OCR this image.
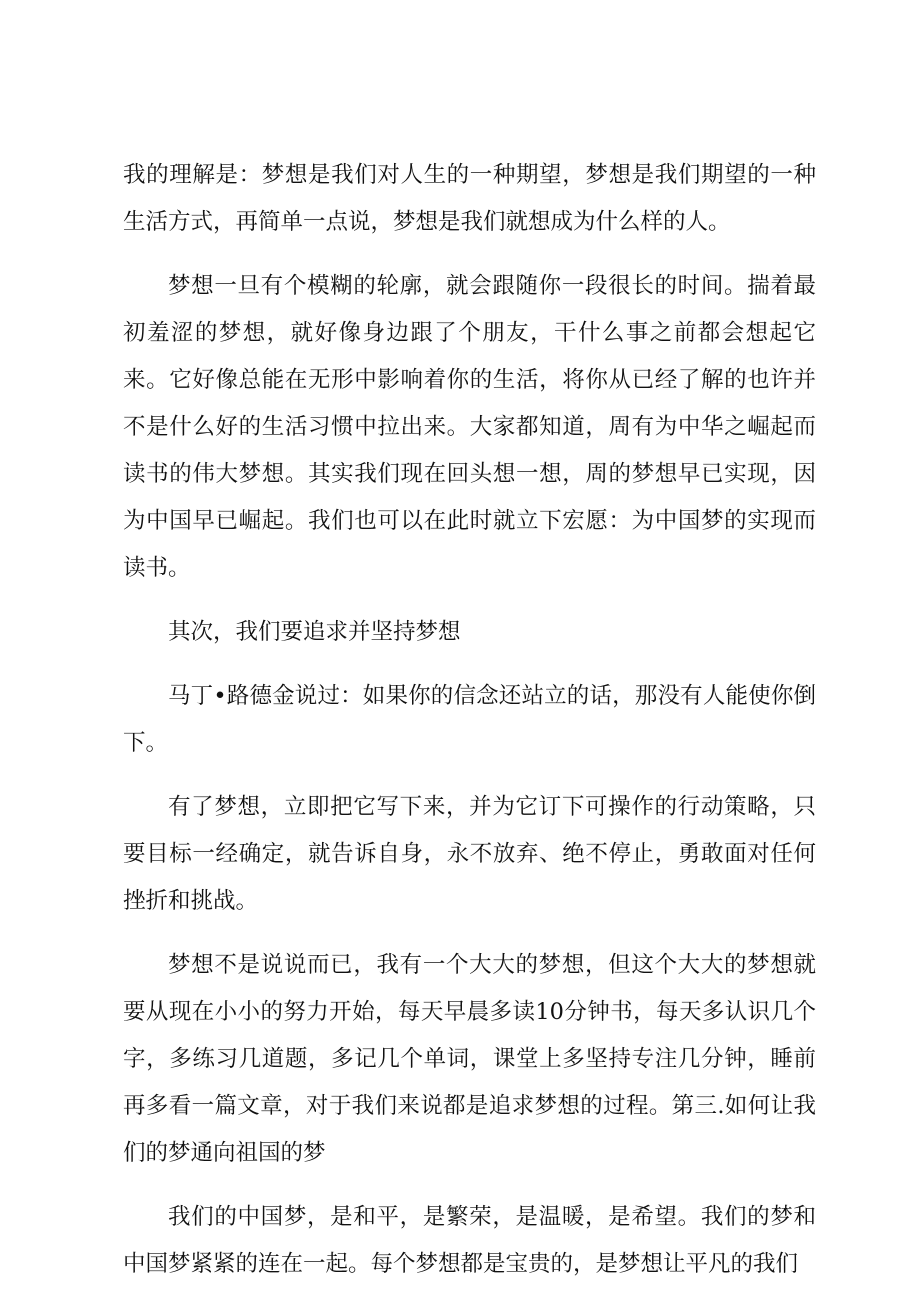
我的理解是：梦想是我们对人生的一种期望，梦想是我们期望的一种生活方式，再简单一点说，梦想是我们就想成为什么样的人。

梦想一旦有个模糊的轮廓，就会跟随你一段很长的时间。揣着最初羞涩的梦想，就好像身边跟了个朋友，干什么事之前都会想起它来。它好像总能在无形中影响着你的生活，将你从已经了解的也许并不是什么好的生活习惯中拉出来。大家都知道，周有为中华之崛起而读书的伟大梦想。其实我们现在回头想一想，周的梦想早已实现，因为中国早已崛起。我们也可以在此时就立下宏愿：为中国梦的实现而读书。

其次，我们要追求并坚持梦想

马丁•路德金说过：如果你的信念还站立的话，那没有人能使你倒下。

有了梦想，立即把它写下来，并为它订下可操作的行动策略，只要目标一经确定，就告诉自身，永不放弃、绝不停止，勇敢面对任何挫折和挑战。

梦想不是说说而已，我有一个大大的梦想，但这个大大的梦想就要从现在小小的努力开始，每天早晨多读10分钟书，每天多认识几个字，多练习几道题，多记几个单词，课堂上多坚持专注几分钟，睡前再多看一篇文章，对于我们来说都是追求梦想的过程。第三.如何让我们的梦通向祖国的梦

我们的中国梦，是和平，是繁荣，是温暖，是希望。我们的梦和中国梦紧紧的连在一起。每个梦想都是宝贵的，是梦想让平凡的我们
